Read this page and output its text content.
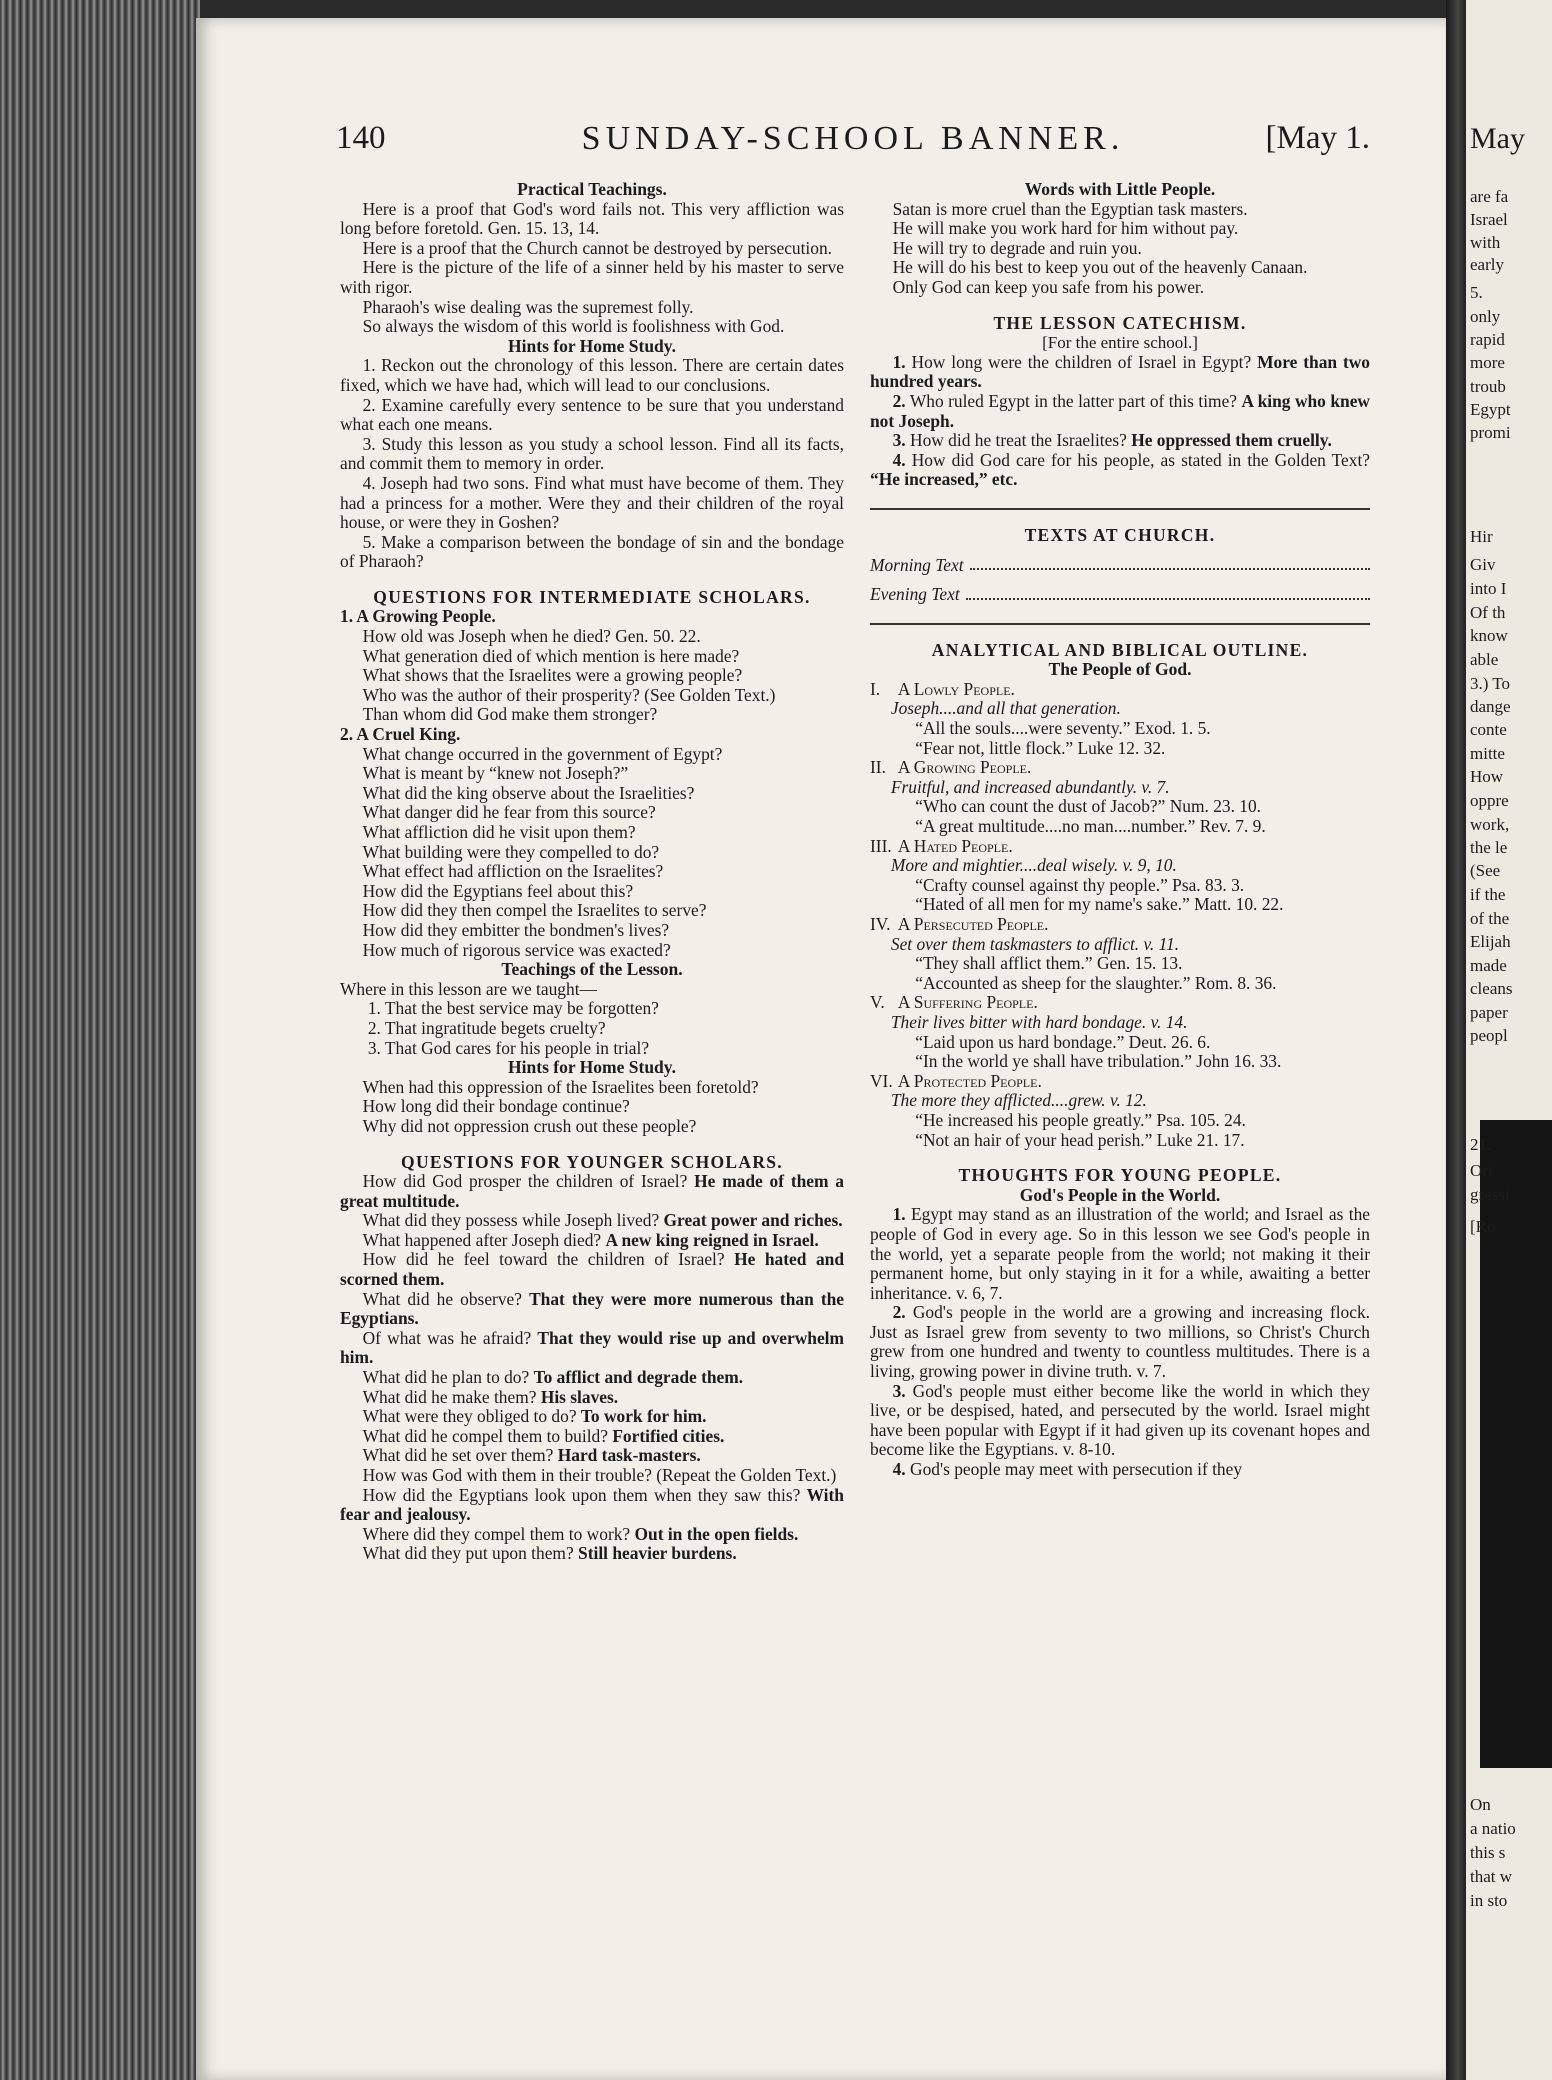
May
are fa
Israel
with
early
5.
only
rapid
more
troub
Egypt
promi
Hir
Giv
into I
Of th
know
able
3.) To
dange
conte
mitte
How
oppre
work,
the le
(See
if the
of the
Elijah
made
cleans
paper
peopl
21.
Ori
gressi
[Ro
On
a natio
this s
that w
in sto
SUNDAY-SCHOOL BANNER.
140	[May 1.

Practical Teachings.

Here is a proof that God's word fails not. This very affliction was long before foretold. Gen. 15. 13, 14.

Here is a proof that the Church cannot be destroyed by persecution.

Here is the picture of the life of a sinner held by his master to serve with rigor.

Pharaoh's wise dealing was the supremest folly.

So always the wisdom of this world is foolishness with God.

Hints for Home Study.

1. Reckon out the chronology of this lesson. There are certain dates fixed, which we have had, which will lead to our conclusions.

2. Examine carefully every sentence to be sure that you understand what each one means.

3. Study this lesson as you study a school lesson. Find all its facts, and commit them to memory in order.

4. Joseph had two sons. Find what must have become of them. They had a princess for a mother. Were they and their children of the royal house, or were they in Goshen?

5. Make a comparison between the bondage of sin and the bondage of Pharaoh?

QUESTIONS FOR INTERMEDIATE SCHOLARS.

1. A Growing People.

How old was Joseph when he died? Gen. 50. 22.

What generation died of which mention is here made?

What shows that the Israelites were a growing people?

Who was the author of their prosperity? (See Golden Text.)

Than whom did God make them stronger?

2. A Cruel King.

What change occurred in the government of Egypt?

What is meant by “knew not Joseph?”

What did the king observe about the Israelities?

What danger did he fear from this source?

What affliction did he visit upon them?

What building were they compelled to do?

What effect had affliction on the Israelites?

How did the Egyptians feel about this?

How did they then compel the Israelites to serve?

How did they embitter the bondmen's lives?

How much of rigorous service was exacted?

Teachings of the Lesson.

Where in this lesson are we taught—

1. That the best service may be forgotten?

2. That ingratitude begets cruelty?

3. That God cares for his people in trial?

Hints for Home Study.

When had this oppression of the Israelites been foretold?

How long did their bondage continue?

Why did not oppression crush out these people?

QUESTIONS FOR YOUNGER SCHOLARS.

How did God prosper the children of Israel? He made of them a great multitude.

What did they possess while Joseph lived? Great power and riches.

What happened after Joseph died? A new king reigned in Israel.

How did he feel toward the children of Israel? He hated and scorned them.

What did he observe? That they were more numerous than the Egyptians.

Of what was he afraid? That they would rise up and overwhelm him.

What did he plan to do? To afflict and degrade them.

What did he make them? His slaves.

What were they obliged to do? To work for him.

What did he compel them to build? Fortified cities.

What did he set over them? Hard task-masters.

How was God with them in their trouble? (Repeat the Golden Text.)

How did the Egyptians look upon them when they saw this? With fear and jealousy.

Where did they compel them to work? Out in the open fields.

What did they put upon them? Still heavier burdens.

Words with Little People.

Satan is more cruel than the Egyptian task masters.

He will make you work hard for him without pay.

He will try to degrade and ruin you.

He will do his best to keep you out of the heavenly Canaan.

Only God can keep you safe from his power.

THE LESSON CATECHISM.

[For the entire school.]

1. How long were the children of Israel in Egypt? More than two hundred years.

2. Who ruled Egypt in the latter part of this time? A king who knew not Joseph.

3. How did he treat the Israelites? He oppressed them cruelly.

4. How did God care for his people, as stated in the Golden Text? “He increased,” etc.

TEXTS AT CHURCH.

Morning Text

Evening Text

ANALYTICAL AND BIBLICAL OUTLINE.

The People of God.

I. A Lowly People.

Joseph....and all that generation.

“All the souls....were seventy.” Exod. 1. 5.

“Fear not, little flock.” Luke 12. 32.

II. A Growing People.

Fruitful, and increased abundantly. v. 7.

“Who can count the dust of Jacob?” Num. 23. 10.

“A great multitude....no man....number.” Rev. 7. 9.

III. A Hated People.

More and mightier....deal wisely. v. 9, 10.

“Crafty counsel against thy people.” Psa. 83. 3.

“Hated of all men for my name's sake.” Matt. 10. 22.

IV. A Persecuted People.

Set over them taskmasters to afflict. v. 11.

“They shall afflict them.” Gen. 15. 13.

“Accounted as sheep for the slaughter.” Rom. 8. 36.

V. A Suffering People.

Their lives bitter with hard bondage. v. 14.

“Laid upon us hard bondage.” Deut. 26. 6.

“In the world ye shall have tribulation.” John 16. 33.

VI. A Protected People.

The more they afflicted....grew. v. 12.

“He increased his people greatly.” Psa. 105. 24.

“Not an hair of your head perish.” Luke 21. 17.

THOUGHTS FOR YOUNG PEOPLE.

God's People in the World.

1. Egypt may stand as an illustration of the world; and Israel as the people of God in every age. So in this lesson we see God's people in the world, yet a separate people from the world; not making it their permanent home, but only staying in it for a while, awaiting a better inheritance. v. 6, 7.

2. God's people in the world are a growing and increasing flock. Just as Israel grew from seventy to two millions, so Christ's Church grew from one hundred and twenty to countless multitudes. There is a living, growing power in divine truth. v. 7.

3. God's people must either become like the world in which they live, or be despised, hated, and persecuted by the world. Israel might have been popular with Egypt if it had given up its covenant hopes and become like the Egyptians. v. 8-10.

4. God's people may meet with persecution if they
